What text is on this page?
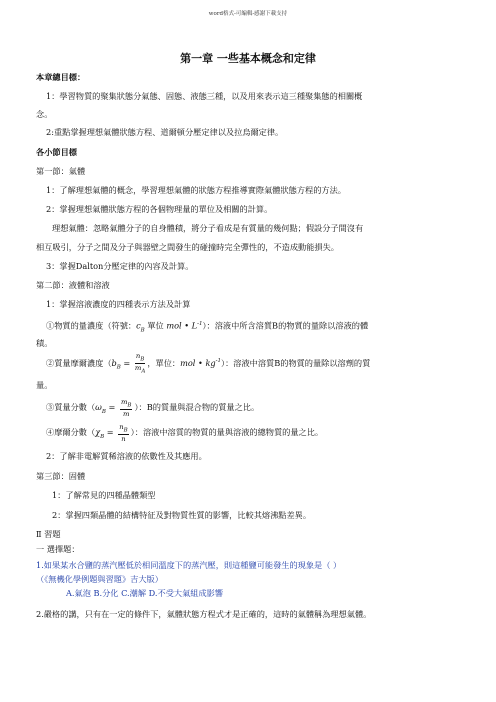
word格式-可編輯-感謝下載支持
第一章 一些基本概念和定律
本章總目標：
1：學習物質的聚集狀態分氣態、固態、液態三種，以及用來表示這三種聚集態的相關概
念。
2:重點掌握理想氣體狀態方程、道爾頓分壓定律以及拉烏爾定律。
各小節目標
第一節：氣體
1：了解理想氣體的概念，學習理想氣體的狀態方程推導實際氣體狀態方程的方法。
2：掌握理想氣體狀態方程的各個物理量的單位及相關的計算。
理想氣體：忽略氣體分子的自身體積，將分子看成是有質量的幾何點；假設分子間沒有
相互吸引，分子之間及分子與器壁之間發生的碰撞時完全彈性的，不造成動能損失。
3：掌握Dalton分壓定律的內容及計算。
第二節：液體和溶液
1：掌握溶液濃度的四種表示方法及計算
①物質的量濃度（符號：$c_B$ 單位 mol • $L^{-1}$）：溶液中所含溶質B的物質的量除以溶液的體
積。
②質量摩爾濃度（$b_B = \frac{n_B}{m_A}$ ，單位：mol • $kg^{-1}$）：溶液中溶質B的物質的量除以溶劑的質
量。
③質量分數（$\omega_B = \frac{m_B}{m}$ ）：B的質量與混合物的質量之比。
④摩爾分數（$\chi_B = \frac{n_B}{n}$ ）：溶液中溶質的物質的量與溶液的總物質的量之比。
2：了解非電解質稀溶液的依數性及其應用。
第三節：固體
1：了解常見的四種晶體類型
2：掌握四類晶體的結構特征及對物質性質的影響，比較其熔沸點差異。
Ⅱ 習題
一 選擇題：
1.如果某水合鹽的蒸汽壓低於相同溫度下的蒸汽壓，則這種鹽可能發生的現象是（ ）
（《無機化學例題與習題》吉大版）
A.氣泡 B.分化 C.潮解 D.不受大氣組成影響
2.嚴格的講，只有在一定的條件下，氣體狀態方程式才是正確的，這時的氣體稱為理想氣體。
